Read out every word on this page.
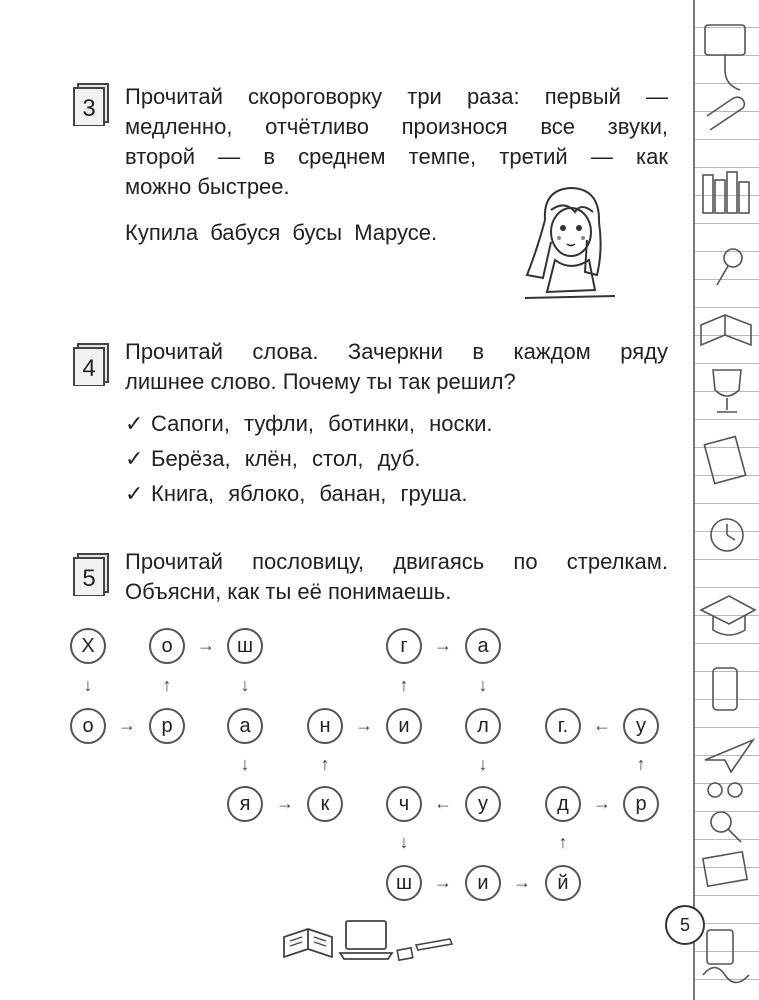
3 Прочитай скороговорку три раза: первый —
медленно, отчётливо произнося все звуки,
второй — в среднем темпе, третий — как
можно быстрее.
Купила бабуся бусы Марусе.
4
Прочитай слова. Зачеркни в каждом ряду
лишнее слово. Почему ты так решил?
✓ Сапоги, туфли, ботинки, носки.
✓ Берёза, клён, стол, дуб.
✓ Книга, яблоко, банан, груша.
5
Прочитай пословицу, двигаясь по стрелкам.
Объясни, как ты её понимаешь.
Х	о	ш	г	а
о	р	а	н	и	л	г.	у
я	к	ч	у	д	р
ш	и	й
↓
→
↑
→
↓
↓
→
↑
→
↑
→
↓
↓
←
↓
→	→
↑
→
↑
←
5
